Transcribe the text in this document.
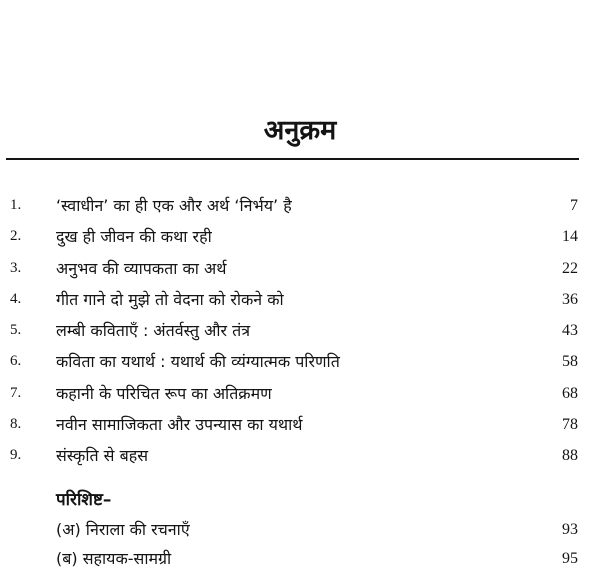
अनुक्रम
1.	‘स्वाधीन’ का ही एक और अर्थ ‘निर्भय’ है	7
2.	दुख ही जीवन की कथा रही	14
3.	अनुभव की व्यापकता का अर्थ	22
4.	गीत गाने दो मुझे तो वेदना को रोकने को	36
5.	लम्बी कविताएँ : अंतर्वस्तु और तंत्र	43
6.	कविता का यथार्थ : यथार्थ की व्यंग्यात्मक परिणति	58
7.	कहानी के परिचित रूप का अतिक्रमण	68
8.	नवीन सामाजिकता और उपन्यास का यथार्थ	78
9.	संस्कृति से बहस	88
परिशिष्ट–
(अ) निराला की रचनाएँ	93
(ब) सहायक-सामग्री	95
